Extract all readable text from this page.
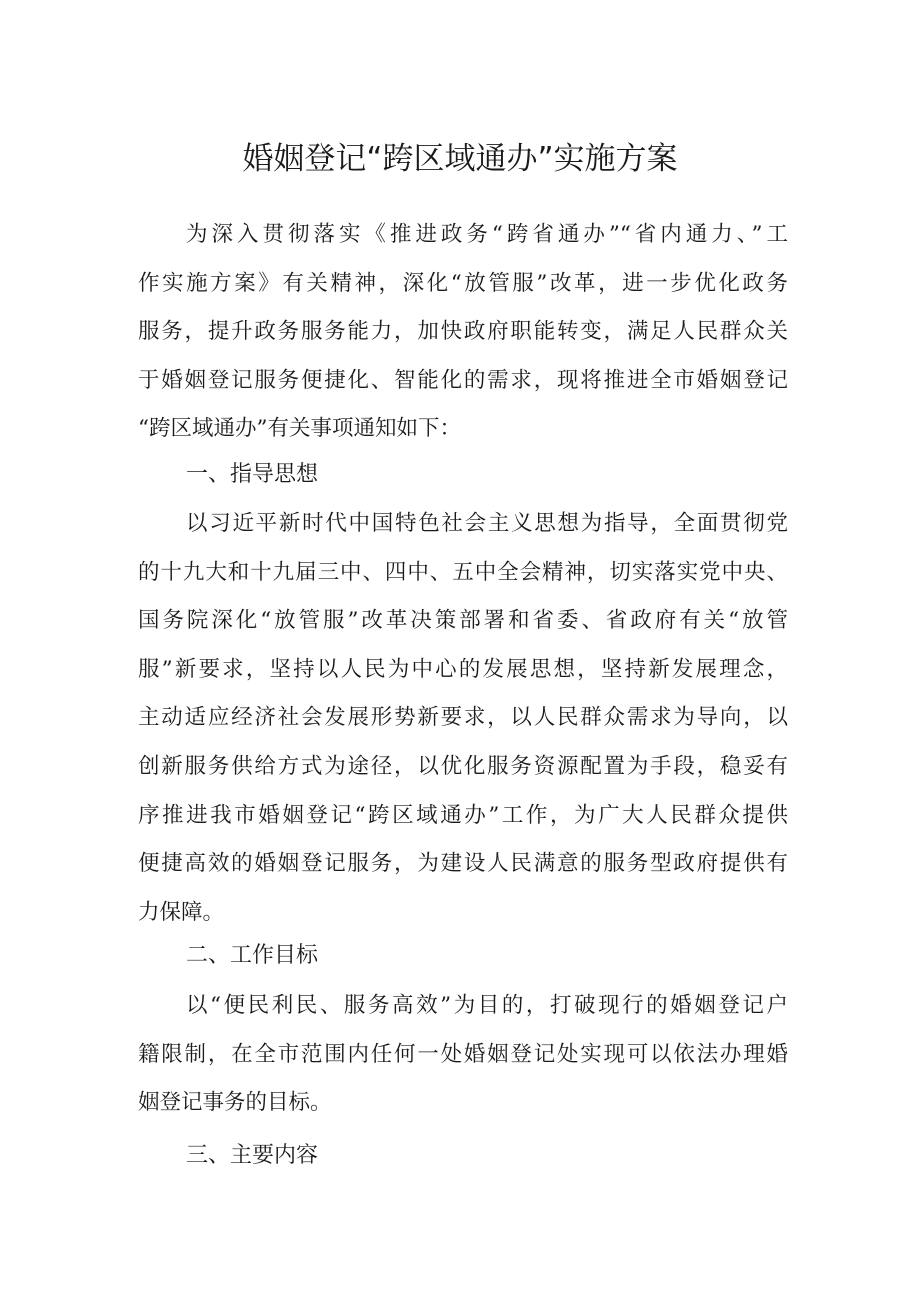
婚姻登记“跨区域通办”实施方案
为深入贯彻落实《推进政务“跨省通办”“省内通力、”工
作实施方案》有关精神，深化“放管服”改革，进一步优化政务
服务，提升政务服务能力，加快政府职能转变，满足人民群众关
于婚姻登记服务便捷化、智能化的需求，现将推进全市婚姻登记
“跨区域通办”有关事项通知如下：
一、指导思想
以习近平新时代中国特色社会主义思想为指导，全面贯彻党
的十九大和十九届三中、四中、五中全会精神，切实落实党中央、
国务院深化“放管服”改革决策部署和省委、省政府有关“放管
服”新要求，坚持以人民为中心的发展思想，坚持新发展理念，
主动适应经济社会发展形势新要求，以人民群众需求为导向，以
创新服务供给方式为途径，以优化服务资源配置为手段，稳妥有
序推进我市婚姻登记“跨区域通办”工作，为广大人民群众提供
便捷高效的婚姻登记服务，为建设人民满意的服务型政府提供有
力保障。
二、工作目标
以“便民利民、服务高效”为目的，打破现行的婚姻登记户
籍限制，在全市范围内任何一处婚姻登记处实现可以依法办理婚
姻登记事务的目标。
三、主要内容
